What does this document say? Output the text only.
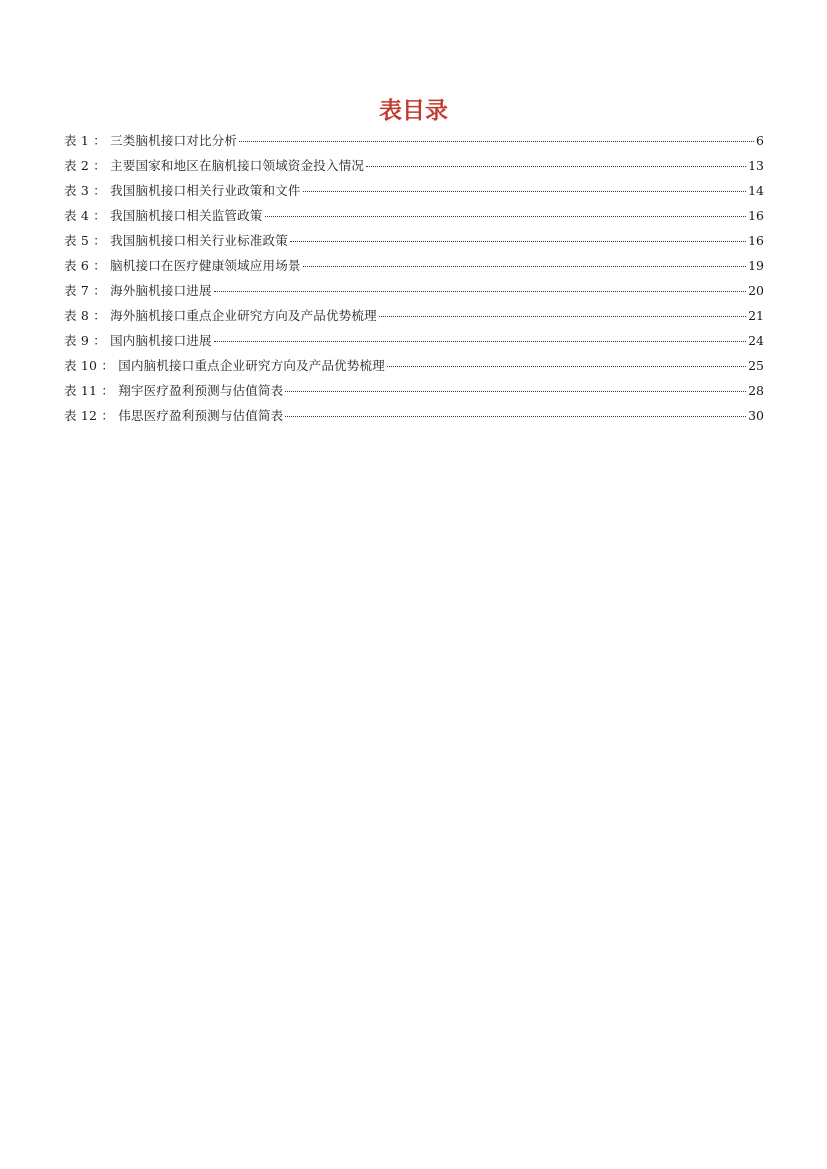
表目录
表 1 ： 三类脑机接口对比分析	6
表 2 ： 主要国家和地区在脑机接口领域资金投入情况	13
表 3 ： 我国脑机接口相关行业政策和文件	14
表 4 ： 我国脑机接口相关监管政策	16
表 5 ： 我国脑机接口相关行业标准政策	16
表 6 ： 脑机接口在医疗健康领域应用场景	19
表 7 ： 海外脑机接口进展	20
表 8 ： 海外脑机接口重点企业研究方向及产品优势梳理	21
表 9 ： 国内脑机接口进展	24
表 10 ： 国内脑机接口重点企业研究方向及产品优势梳理	25
表 11 ： 翔宇医疗盈利预测与估值简表	28
表 12 ： 伟思医疗盈利预测与估值简表	30
